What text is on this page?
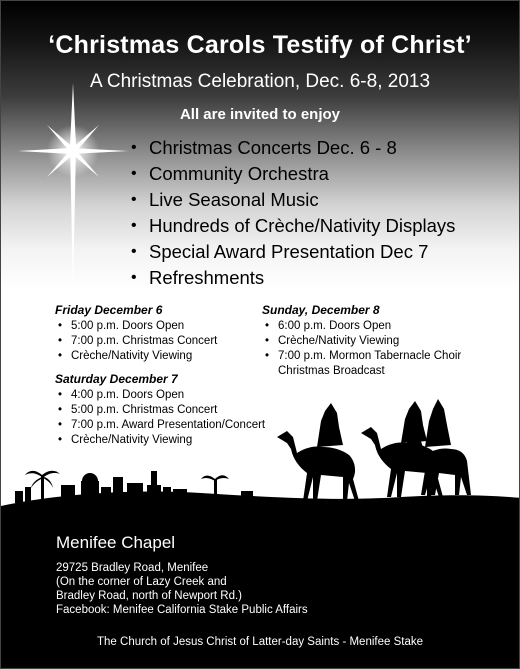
‘Christmas Carols Testify of Christ’
A Christmas Celebration, Dec. 6-8, 2013
All are invited to enjoy
• Christmas Concerts Dec. 6 - 8
• Community Orchestra
• Live Seasonal Music
• Hundreds of Crèche/Nativity Displays
• Special Award Presentation Dec 7
• Refreshments
Friday December 6
• 5:00 p.m. Doors Open
• 7:00 p.m. Christmas Concert
• Crèche/Nativity Viewing
Saturday December 7
• 4:00 p.m. Doors Open
• 5:00 p.m. Christmas Concert
• 7:00 p.m. Award Presentation/Concert
• Crèche/Nativity Viewing
Sunday, December 8
• 6:00 p.m. Doors Open
• Crèche/Nativity Viewing
• 7:00 p.m. Mormon Tabernacle Choir Christmas Broadcast
Menifee Chapel
29725 Bradley Road, Menifee
(On the corner of Lazy Creek and
Bradley Road, north of Newport Rd.)
Facebook: Menifee California Stake Public Affairs
The Church of Jesus Christ of Latter-day Saints - Menifee Stake
